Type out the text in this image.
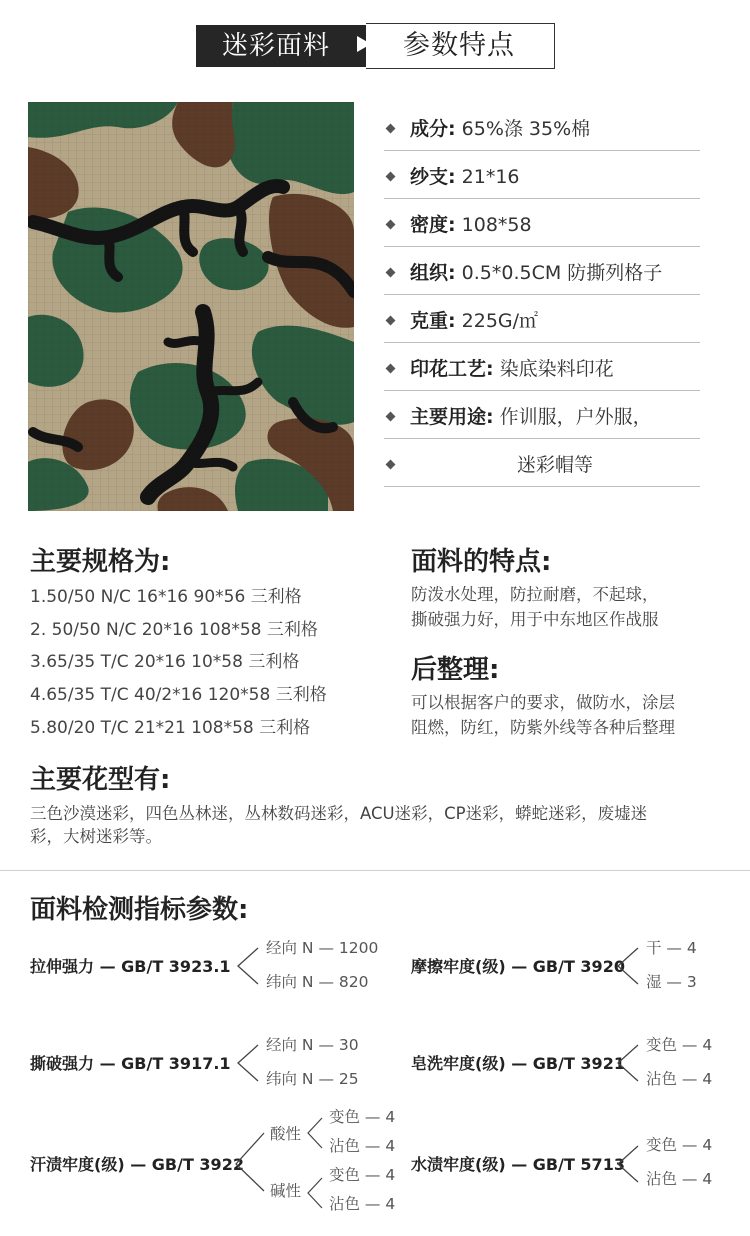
迷彩面料	参数特点
成分: 65%涤 35%棉
纱支: 21*16
密度: 108*58
组织: 0.5*0.5CM 防撕列格子
克重: 225G/㎡
印花工艺: 染底染料印花
主要用途: 作训服，户外服，
迷彩帽等
主要规格为:
1.50/50 N/C 16*16 90*56 三利格
2. 50/50 N/C 20*16 108*58 三利格
3.65/35 T/C 20*16 10*58 三利格
4.65/35 T/C 40/2*16 120*58 三利格
5.80/20 T/C 21*21 108*58 三利格
面料的特点:
防泼水处理，防拉耐磨，不起球，
撕破强力好，用于中东地区作战服
后整理:
可以根据客户的要求，做防水，涂层
阻燃，防红，防紫外线等各种后整理
主要花型有:
三色沙漠迷彩，四色丛林迷，丛林数码迷彩，ACU迷彩，CP迷彩，蟒蛇迷彩，废墟迷
彩，大树迷彩等。
面料检测指标参数:
拉伸强力 — GB/T 3923.1
经向 N — 1200
纬向 N — 820
摩擦牢度(级) — GB/T 3920
干 — 4
湿 — 3
撕破强力 — GB/T 3917.1
经向 N — 30
纬向 N — 25
皂洗牢度(级) — GB/T 3921
变色 — 4
沾色 — 4
汗渍牢度(级) — GB/T 3922
酸性
碱性
变色 — 4
沾色 — 4
变色 — 4
沾色 — 4
水渍牢度(级) — GB/T 5713
变色 — 4
沾色 — 4
